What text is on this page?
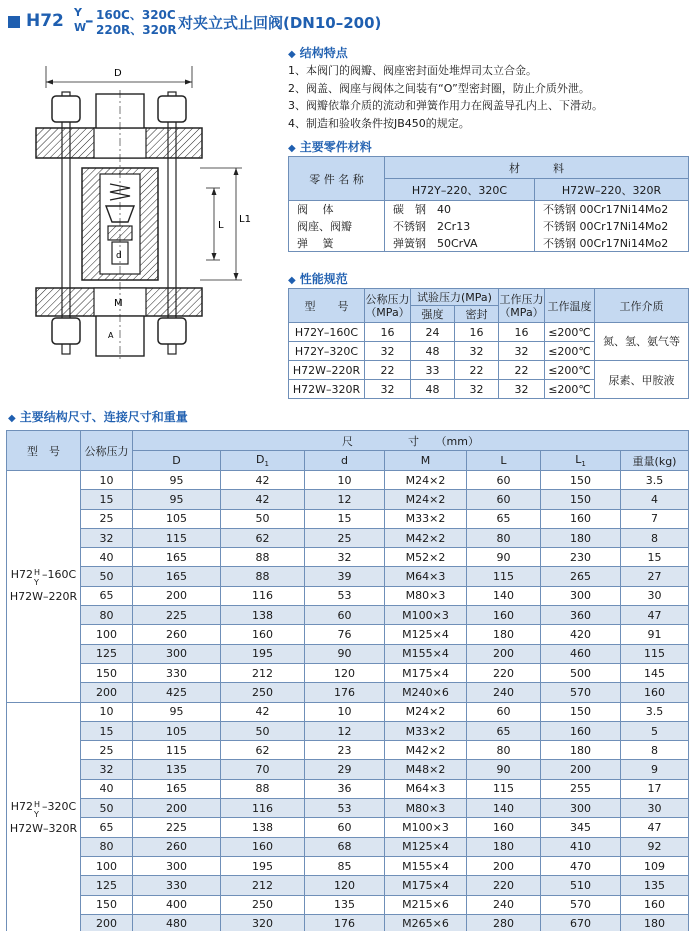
H72 Y
W
– 160C、320C
220R、320R 对夹立式止回阀(DN10–200)
D
L
L1
d
M
A
◆ 结构特点
1、本阀门的阀瓣、阀座密封面处堆焊司太立合金。
2、阀盖、阀座与阀体之间装有“O”型密封圈，防止介质外泄。
3、阀瓣依靠介质的流动和弹簧作用力在阀盖导孔内上、下滑动。
4、制造和验收条件按JB450的规定。
◆ 主要零件材料
零 件 名 称	材　　　料	
	H72Y–220、320C	H72W–220、320R
阀　 体	碳　钢　40	不锈钢 00Cr17Ni14Mo2
阀座、阀瓣	不锈钢　2Cr13	不锈钢 00Cr17Ni14Mo2
弹　 簧	弹簧钢　50CrVA	不锈钢 00Cr17Ni14Mo2
◆ 性能规范
型　　号	公称压力（MPa）	试验压力(MPa)		工作压力（MPa）	工作温度	工作介质
		强度	密封			
H72Y–160C	16	24	16	16	≤200℃	氮、氢、氨气等
H72Y–320C	32	48	32	32	≤200℃	
H72W–220R	22	33	22	22	≤200℃	尿素、甲胺液
H72W–320R	32	48	32	32	≤200℃	
◆ 主要结构尺寸、连接尺寸和重量
型　号	公称压力	尺　　　　　寸　　（mm）						
		D	$D_1$	d	M	L	$L_1$	重量(kg)

H72 H
Y
–160C
H72W–220R	10	95	42	10	M24×2	60	150	3.5
	15	95	42	12	M24×2	60	150	4
	25	105	50	15	M33×2	65	160	7
	32	115	62	25	M42×2	80	180	8
	40	165	88	32	M52×2	90	230	15
	50	165	88	39	M64×3	115	265	27
	65	200	116	53	M80×3	140	300	30
	80	225	138	60	M100×3	160	360	47
	100	260	160	76	M125×4	180	420	91
	125	300	195	90	M155×4	200	460	115
	150	330	212	120	M175×4	220	500	145
	200	425	250	176	M240×6	240	570	160

H72 H
Y
–320C
H72W–320R	10	95	42	10	M24×2	60	150	3.5
	15	105	50	12	M33×2	65	160	5
	25	115	62	23	M42×2	80	180	8
	32	135	70	29	M48×2	90	200	9
	40	165	88	36	M64×3	115	255	17
	50	200	116	53	M80×3	140	300	30
	65	225	138	60	M100×3	160	345	47
	80	260	160	68	M125×4	180	410	92
	100	300	195	85	M155×4	200	470	109
	125	330	212	120	M175×4	220	510	135
	150	400	250	135	M215×6	240	570	160
	200	480	320	176	M265×6	280	670	180
